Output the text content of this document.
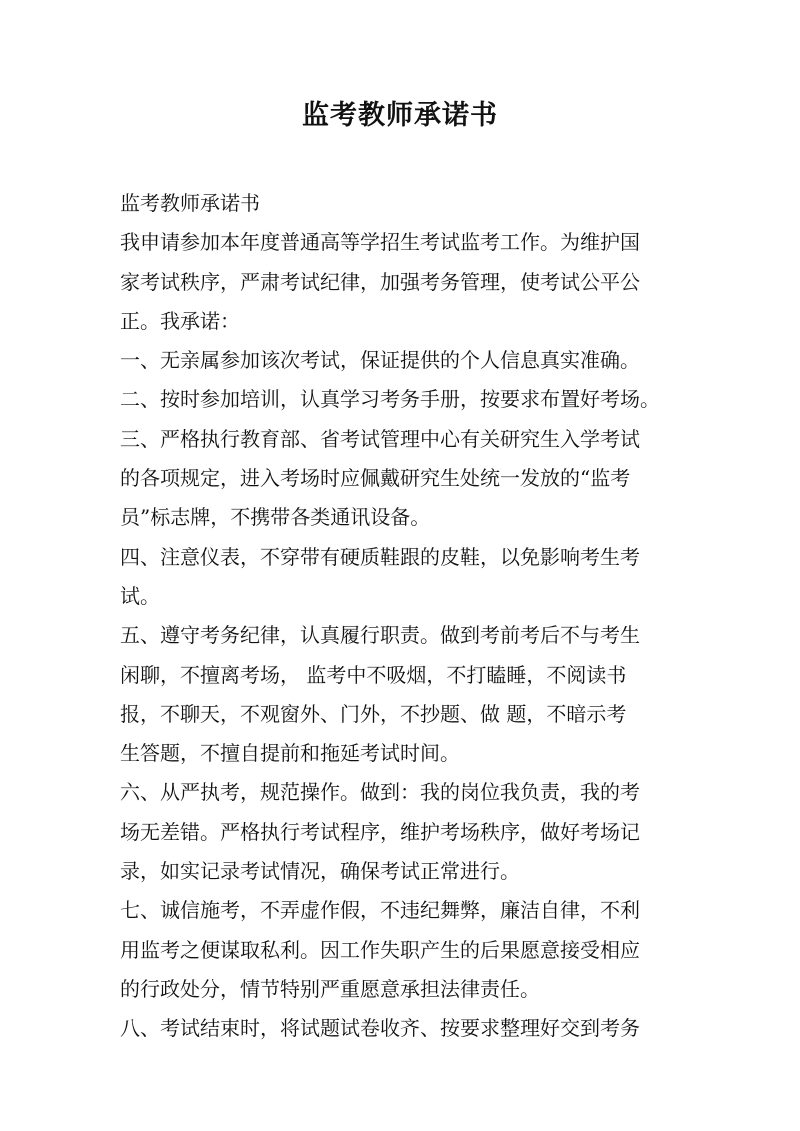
监考教师承诺书
监考教师承诺书
我申请参加本年度普通高等学招生考试监考工作。为维护国
家考试秩序，严肃考试纪律，加强考务管理，使考试公平公
正。我承诺：
一、无亲属参加该次考试，保证提供的个人信息真实准确。
二、按时参加培训，认真学习考务手册，按要求布置好考场。
三、严格执行教育部、省考试管理中心有关研究生入学考试
的各项规定，进入考场时应佩戴研究生处统一发放的“监考
员”标志牌，不携带各类通讯设备。
四、注意仪表，不穿带有硬质鞋跟的皮鞋，以免影响考生考
试。
五、遵守考务纪律，认真履行职责。做到考前考后不与考生
闲聊，不擅离考场， 监考中不吸烟，不打瞌睡，不阅读书
报，不聊天，不观窗外、门外，不抄题、做 题，不暗示考
生答题，不擅自提前和拖延考试时间。
六、从严执考，规范操作。做到：我的岗位我负责，我的考
场无差错。严格执行考试程序，维护考场秩序，做好考场记
录，如实记录考试情况，确保考试正常进行。
七、诚信施考，不弄虚作假，不违纪舞弊，廉洁自律，不利
用监考之便谋取私利。因工作失职产生的后果愿意接受相应
的行政处分，情节特别严重愿意承担法律责任。
八、考试结束时，将试题试卷收齐、按要求整理好交到考务
